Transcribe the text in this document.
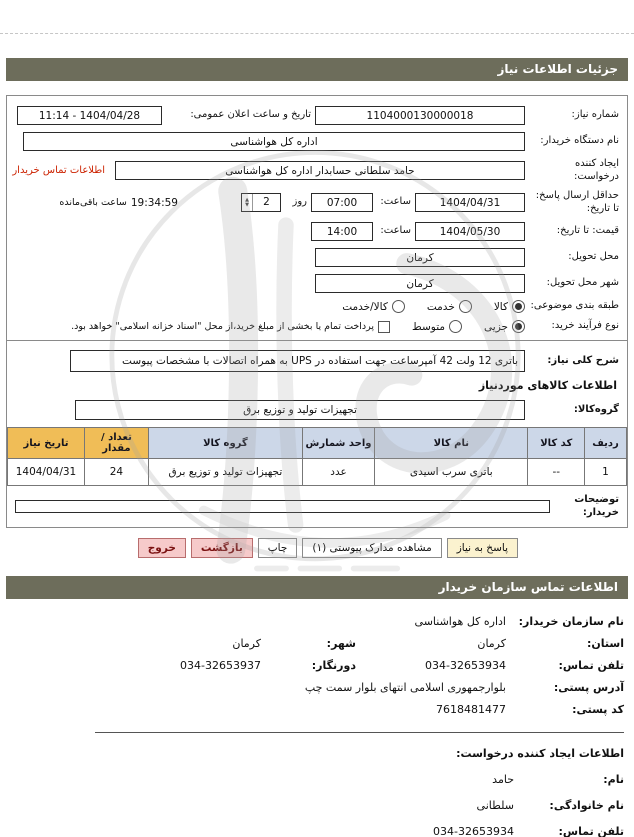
جزئیات اطلاعات نیاز
شماره نیاز:
1104000130000018
تاریخ و ساعت اعلان عمومی:
1404/04/28 - 11:14
نام دستگاه خریدار:
اداره کل هواشناسی
ایجاد کننده درخواست:
حامد سلطانی حسابدار اداره کل هواشناسی
اطلاعات تماس خریدار
حداقل ارسال پاسخ: تا تاریخ:
1404/04/31
ساعت:
07:00
روز
2
▲
▼
19:34:59
ساعت باقی‌مانده
قیمت: تا تاریخ:
1404/05/30
ساعت:
14:00
محل تحویل:
کرمان
شهر محل تحویل:
کرمان
طبقه بندی موضوعی:
کالا
خدمت
کالا/خدمت
نوع فرآیند خرید:
جزیی
متوسط
پرداخت تمام یا بخشی از مبلغ خرید،از محل "اسناد خزانه اسلامی" خواهد بود.
شرح کلی نیاز:
باتری 12 ولت 42 آمپرساعت جهت استفاده در UPS به همراه اتصالات با مشخصات پیوست
اطلاعات کالاهای موردنیاز
گروه‌کالا:
تجهیزات تولید و توزیع برق
ردیف	کد کالا	نام کالا	واحد شمارش	گروه کالا	تعداد / مقدار	تاریخ نیاز
1	--	باتری سرب اسیدی	عدد	تجهیزات تولید و توزیع برق	24	1404/04/31
توضیحات خریدار:
پاسخ به نیاز
مشاهده مدارک پیوستی (۱)
چاپ
بازگشت
خروج
اطلاعات تماس سازمان خریدار
نام سازمان خریدار:
اداره کل هواشناسی
استان:
کرمان
شهر:
کرمان
تلفن تماس:
034-32653934
دورنگار:
034-32653937
آدرس پستی:
بلوارجمهوری اسلامی انتهای بلوار سمت چپ
کد پستی:
7618481477
اطلاعات ایجاد کننده درخواست:
نام:
حامد
نام خانوادگی:
سلطانی
تلفن تماس:
034-32653934
